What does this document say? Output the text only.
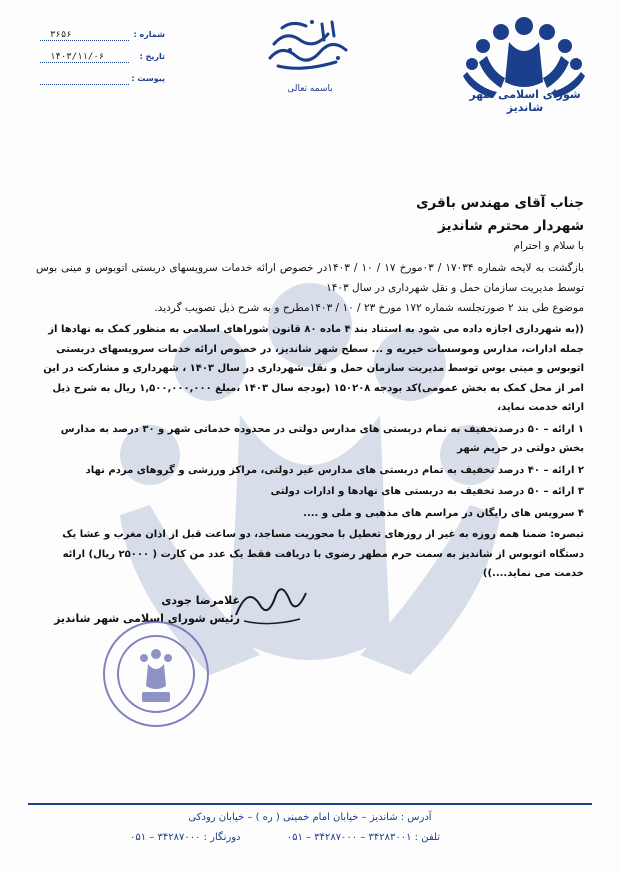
شورای اسلامی شهر شاندیز
باسمه تعالی
شماره :
۳۶۵۶
تاریخ :
۱۴۰۳/۱۱/۰۶
پیوست :
جناب آقای مهندس باقری
شهردار محترم شاندیز
با سلام و احترام
بازگشت به لایحه شماره ۱۷۰۳۴ / ۰۳مورخ ۱۷ / ۱۰ / ۱۴۰۳در خصوص ارائه خدمات سرویسهای دربستی اتوبوس و مینی بوس توسط مدیریت سازمان حمل و نقل شهرداری در سال ۱۴۰۳
موضوع طی بند ۲ صورتجلسه شماره ۱۷۲ مورخ ۲۳ / ۱۰ / ۱۴۰۳مطرح و به شرح ذیل تصویب گردید.
((به شهرداری اجازه داده می شود به استناد بند ۴ ماده ۸۰ قانون شوراهای اسلامی به منظور کمک به نهادها از جمله ادارات، مدارس وموسسات خیریه و ... سطح شهر شاندیز، در خصوص ارائه خدمات سرویسهای دربستی اتوبوس و مینی بوس توسط مدیریت سازمان حمل و نقل شهرداری در سال ۱۴۰۳ ، شهرداری و مشارکت در این امر از محل کمک به بخش عمومی)کد بودجه ۱۵۰۲۰۸ (بودجه سال ۱۴۰۳ ،مبلغ ۱,۵۰۰,۰۰۰,۰۰۰ ریال به شرح ذیل ارائه خدمت نماید،
۱ ارائه – ۵۰ درصدتخفیف به تمام دربستی های مدارس دولتی در محدوده خدماتی شهر و ۳۰ درصد به مدارس بخش دولتی در حریم شهر
۲ ارائه – ۴۰ درصد تخفیف به تمام دربستی های مدارس غیر دولتی، مراکز ورزشی و گروهای مردم نهاد
۳ ارائه – ۵۰ درصد تخفیف به دربستی های نهادها و ادارات دولتی
۴ سرویس های رایگان در مراسم های مذهبی و ملی و ....
تبصره: ضمنا همه روزه به غیر از روزهای تعطیل با محوریت مساجد، دو ساعت قبل از اذان مغرب و عشا یک دستگاه اتوبوس از شاندیز به سمت حرم مطهر رضوی با دریافت فقط یک عدد من کارت ( ۲۵۰۰۰ ریال) ارائه خدمت می نماید....))
غلامرضا جودی
رئیس شورای اسلامی شهر شاندیز
آدرس : شاندیز – خیابان امام خمینی ( ره ) – خیابان رودکی
تلفن : ۳۴۲۸۳۰۰۱ – ۳۴۲۸۷۰۰۰ – ۰۵۱
دورنگار : ۳۴۲۸۷۰۰۰ – ۰۵۱
